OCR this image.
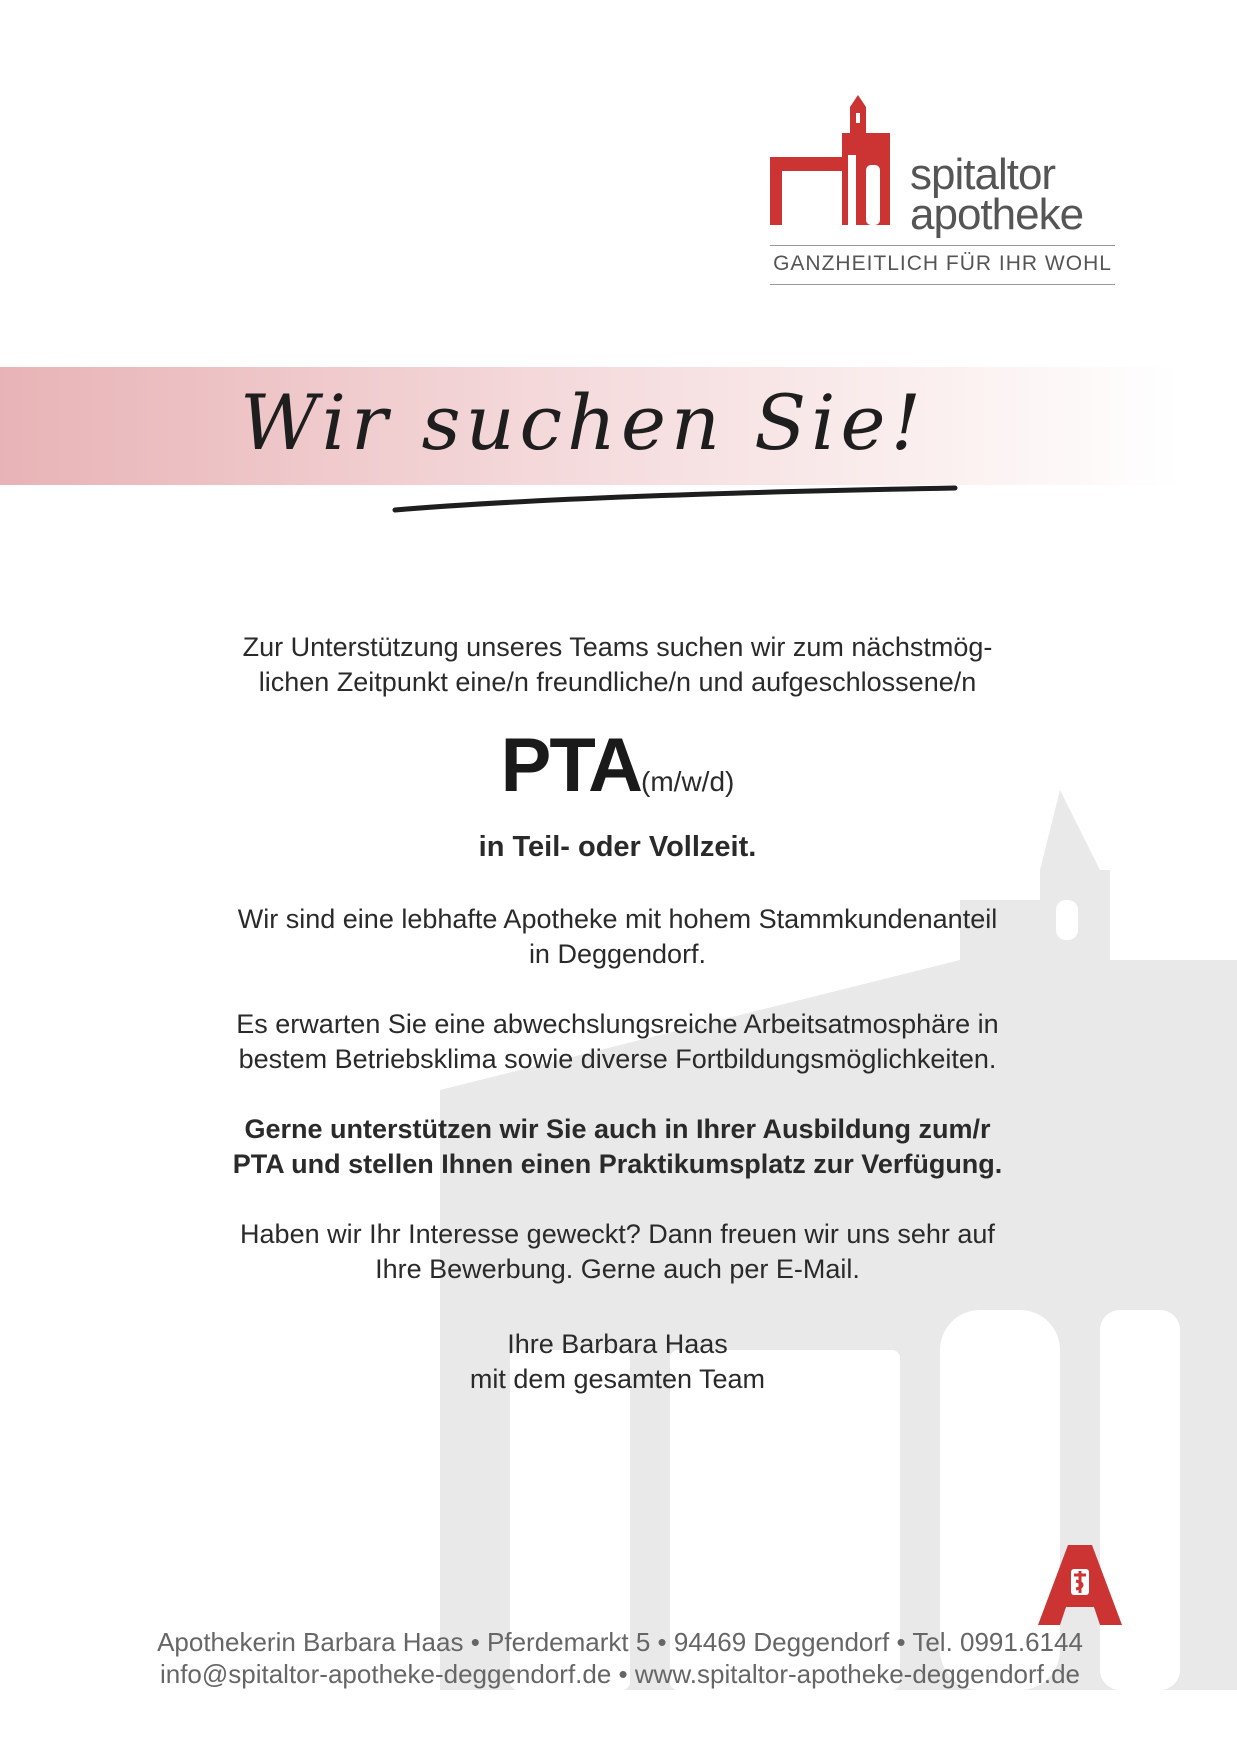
spitaltor
apotheke
GANZHEITLICH FÜR IHR WOHL
Wir suchen Sie!

Zur Unterstützung unseres Teams suchen wir zum nächstmög-
lichen Zeitpunkt eine/n freundliche/n und aufgeschlossene/n

PTA(m/w/d)

in Teil- oder Vollzeit.

Wir sind eine lebhafte Apotheke mit hohem Stammkundenanteil
in Deggendorf.

Es erwarten Sie eine abwechslungsreiche Arbeitsatmosphäre in
bestem Betriebsklima sowie diverse Fortbildungsmöglichkeiten.

Gerne unterstützen wir Sie auch in Ihrer Ausbildung zum/r
PTA und stellen Ihnen einen Praktikumsplatz zur Verfügung.

Haben wir Ihr Interesse geweckt? Dann freuen wir uns sehr auf
Ihre Bewerbung. Gerne auch per E-Mail.

Ihre Barbara Haas
mit dem gesamten Team

Apothekerin Barbara Haas • Pferdemarkt 5 • 94469 Deggendorf • Tel. 0991.6144

info@spitaltor-apotheke-deggendorf.de • www.spitaltor-apotheke-deggendorf.de
